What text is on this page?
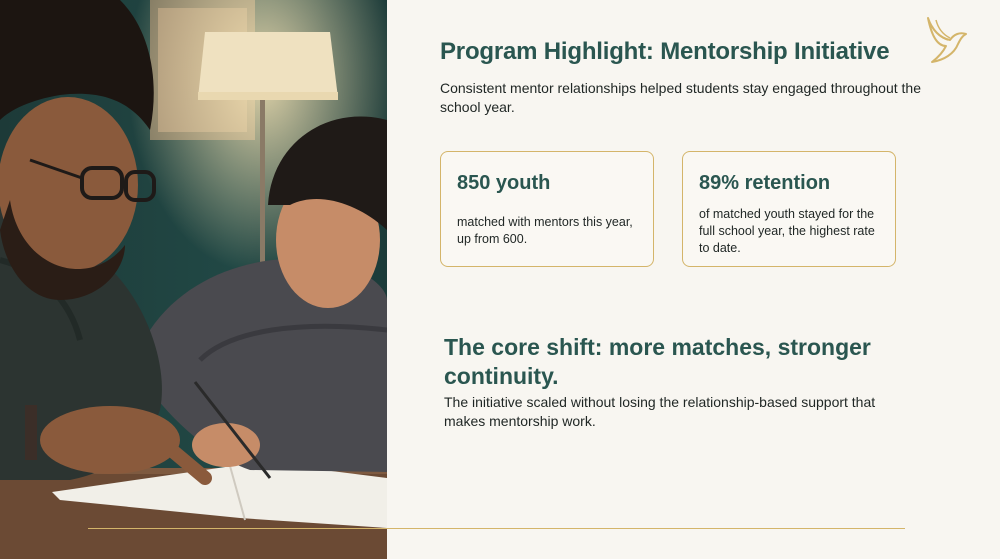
Program Highlight: Mentorship Initiative

Consistent mentor relationships helped students stay engaged throughout the school year.

850 youth

matched with mentors this year, up from 600.

89% retention

of matched youth stayed for the full school year, the highest rate to date.

The core shift: more matches, stronger continuity.

The initiative scaled without losing the relationship-based support that makes mentorship work.
